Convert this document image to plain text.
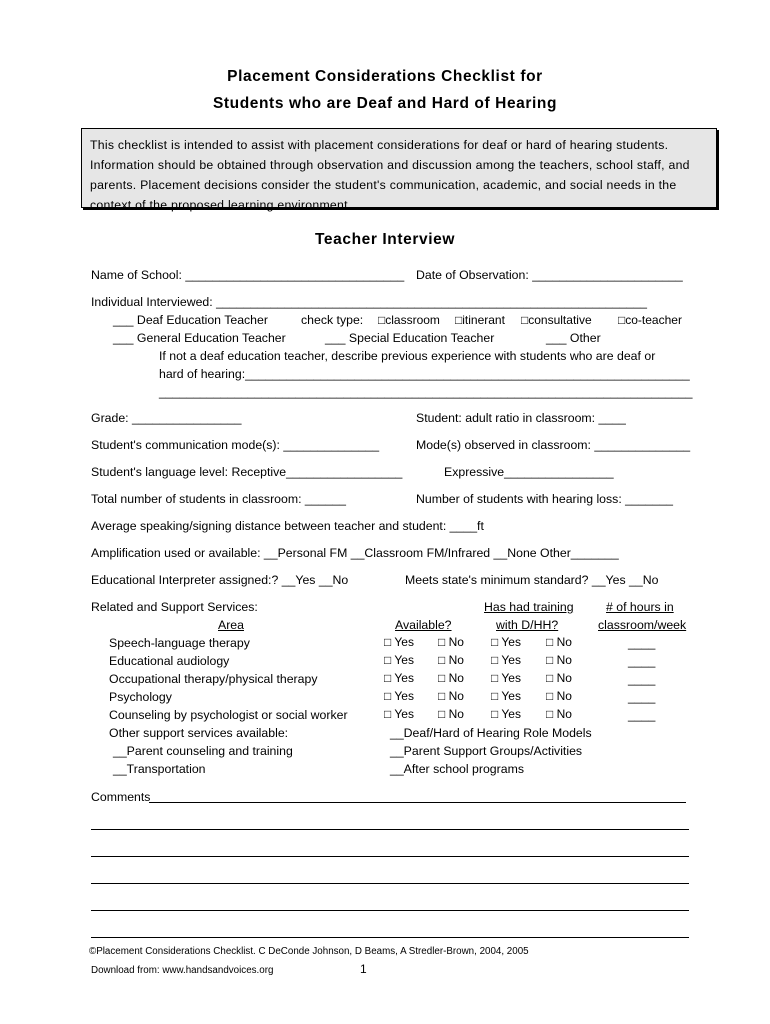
Placement Considerations Checklist for
Students who are Deaf and Hard of Hearing
This checklist is intended to assist with placement considerations for deaf or hard of hearing students.
Information should be obtained through observation and discussion among the teachers, school staff, and
parents. Placement decisions consider the student's communication, academic, and social needs in the
context of the proposed learning environment.
Teacher Interview
Name of School: ________________________________ Date of Observation: ______________________
Individual Interviewed: _______________________________________________________________
___ Deaf Education Teacher	check type: □classroom □itinerant □consultative □co-teacher
___ General Education Teacher	___ Special Education Teacher	___ Other
If not a deaf education teacher, describe previous experience with students who are deaf or
hard of hearing:_________________________________________________________________
______________________________________________________________________________
Grade: ________________	Student: adult ratio in classroom: ____
Student's communication mode(s): ______________	Mode(s) observed in classroom: ______________
Student's language level: Receptive_________________	Expressive________________
Total number of students in classroom: ______	Number of students with hearing loss: _______
Average speaking/signing distance between teacher and student: ____ft
Amplification used or available: __Personal FM __Classroom FM/Infrared __None Other_______
Educational Interpreter assigned:? __Yes __No	Meets state's minimum standard? __Yes __No
Related and Support Services:	Has had training	# of hours in
Area	Available?	with D/HH?	classroom/week
Speech-language therapy	□ Yes □ No □ Yes □ No	____
Educational audiology	□ Yes □ No □ Yes □ No	____
Occupational therapy/physical therapy	□ Yes □ No □ Yes □ No	____
Psychology	□ Yes □ No □ Yes □ No	____
Counseling by psychologist or social worker	□ Yes □ No □ Yes □ No	____
Other support services available:	__Deaf/Hard of Hearing Role Models
__Parent counseling and training	__Parent Support Groups/Activities
__Transportation	__After school programs
Comments
©Placement Considerations Checklist. C DeConde Johnson, D Beams, A Stredler-Brown, 2004, 2005
Download from: www.handsandvoices.org	1
